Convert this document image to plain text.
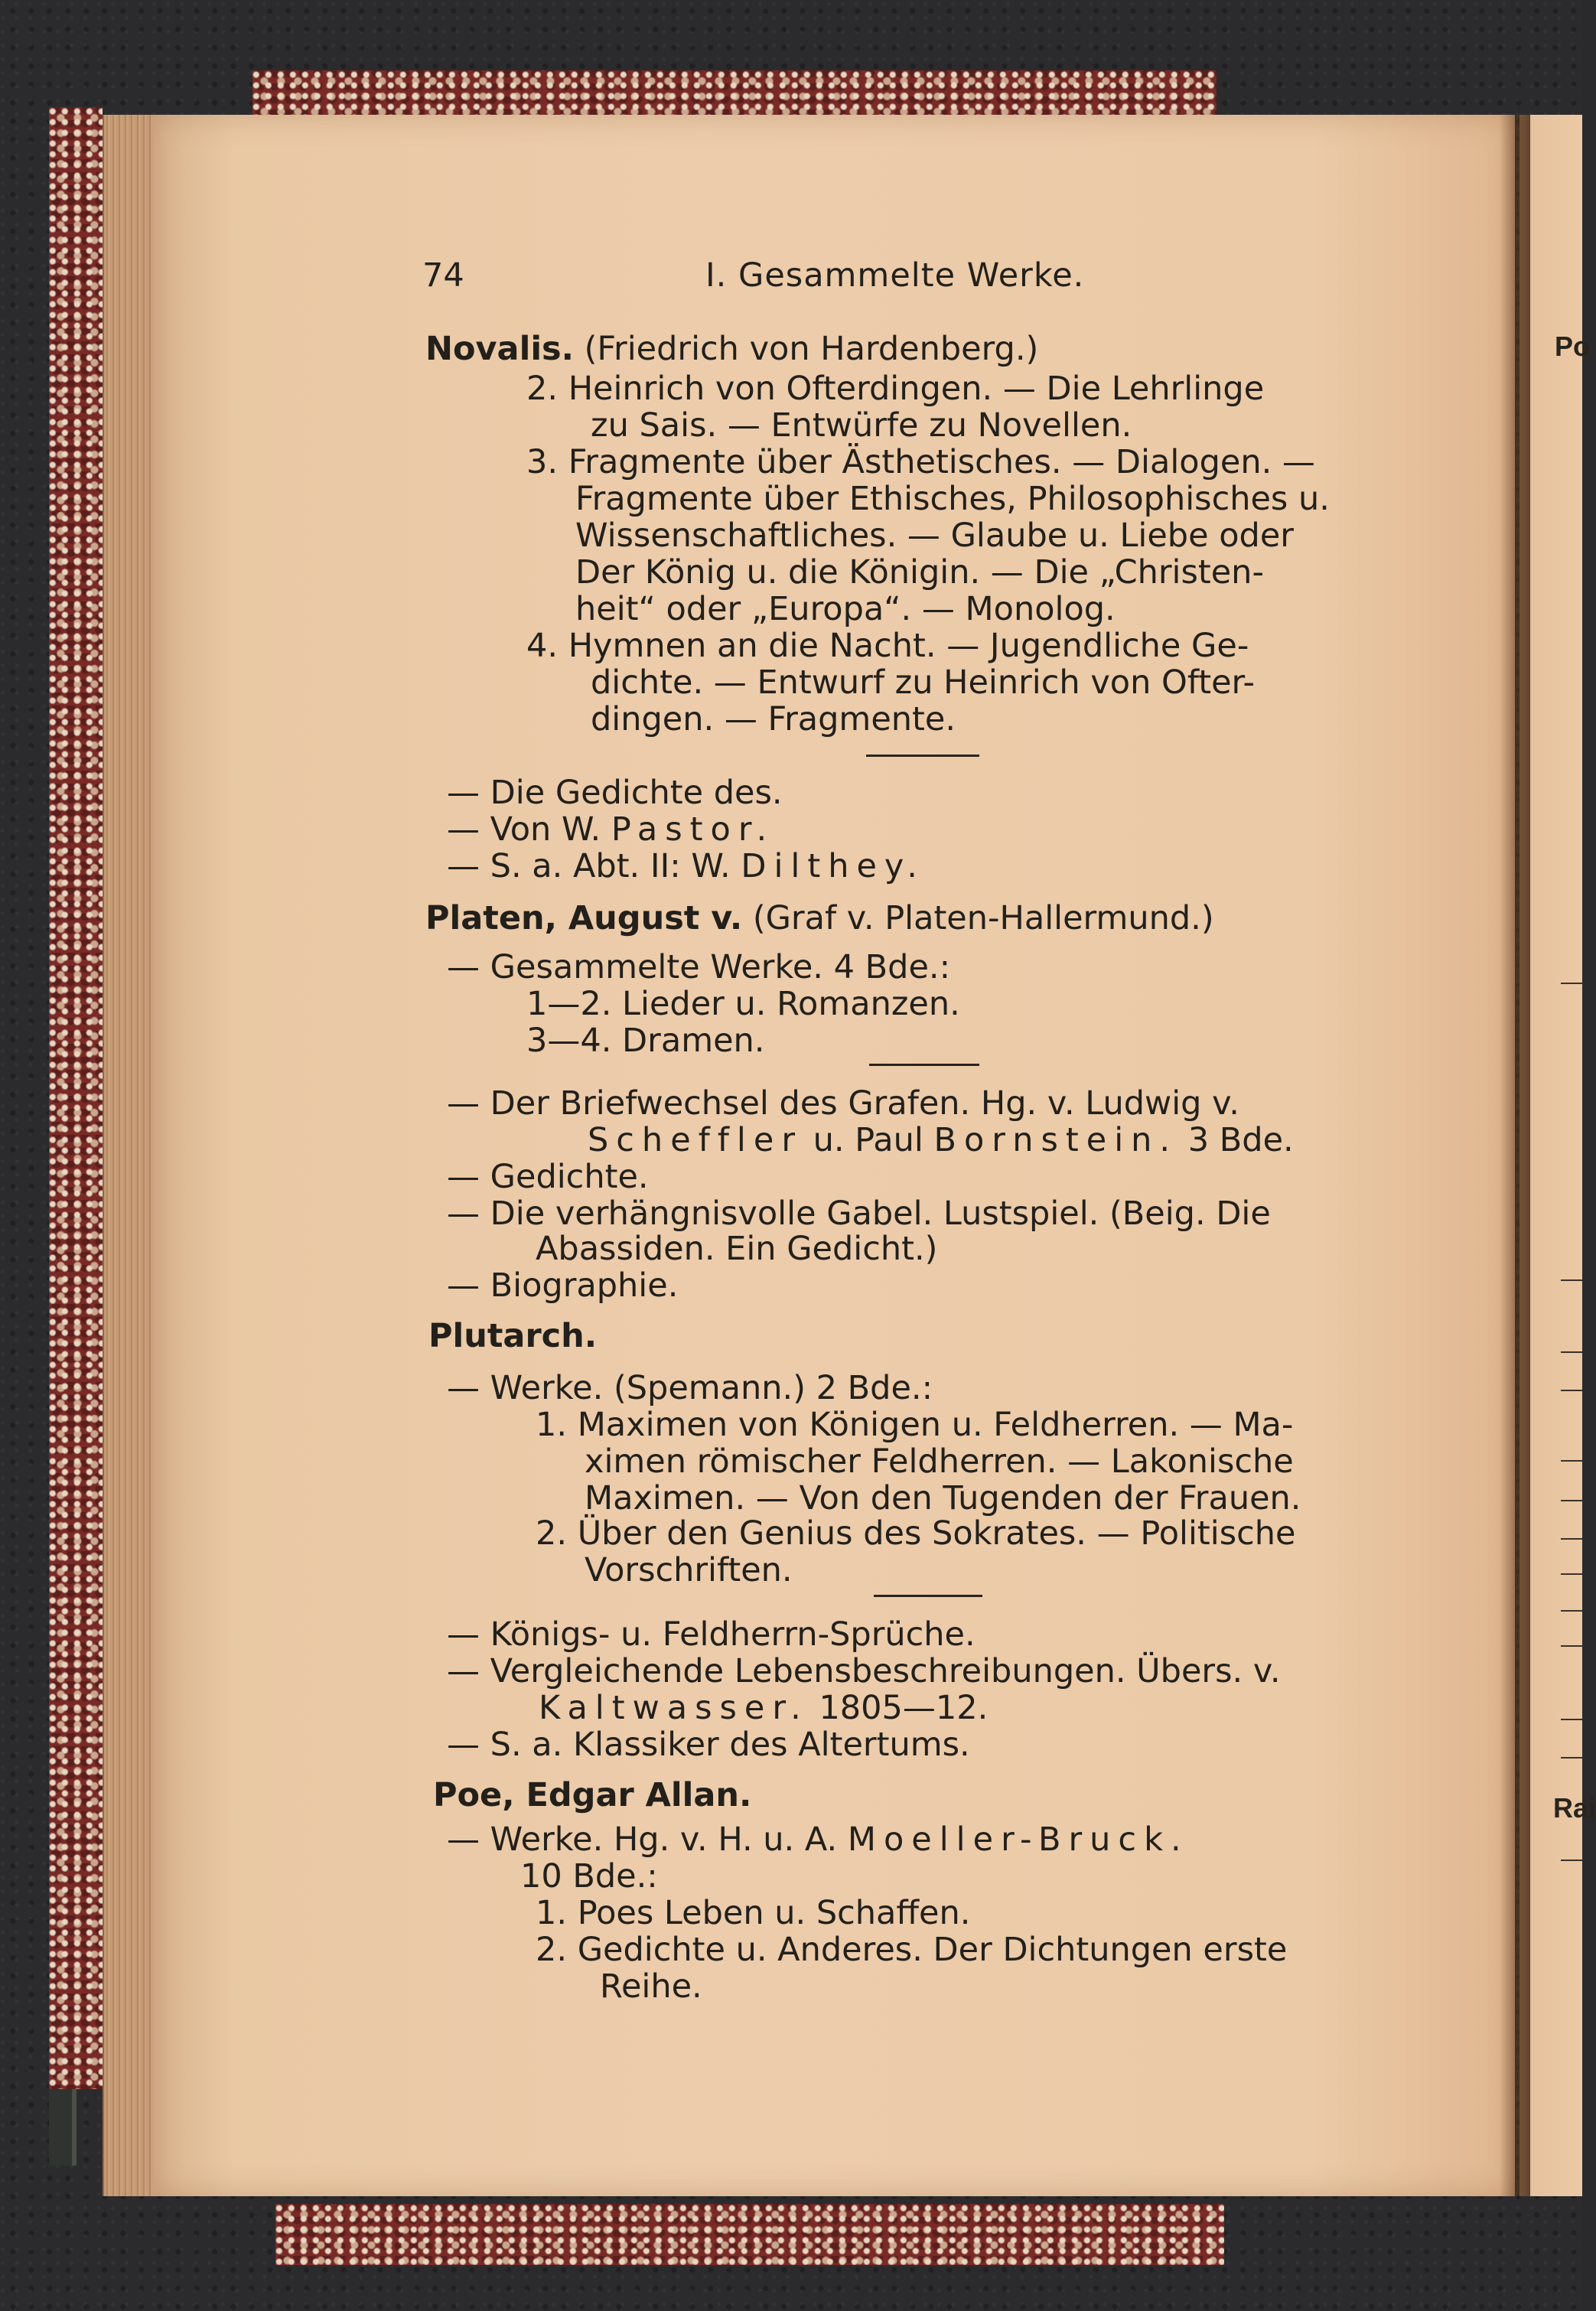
Po
Rai
74	I. Gesammelte Werke.
Novalis. (Friedrich von Hardenberg.)
2. Heinrich von Ofterdingen. — Die Lehrlinge
zu Sais. — Entwürfe zu Novellen.
3. Fragmente über Ästhetisches. — Dialogen. —
Fragmente über Ethisches, Philosophisches u.
Wissenschaftliches. — Glaube u. Liebe oder
Der König u. die Königin. — Die „Christen-
heit“ oder „Europa“. — Monolog.
4. Hymnen an die Nacht. — Jugendliche Ge-
dichte. — Entwurf zu Heinrich von Ofter-
dingen. — Fragmente.
— Die Gedichte des.
— Von W. Pastor.
— S. a. Abt. II: W. Dilthey.
Platen, August v. (Graf v. Platen-Hallermund.)
— Gesammelte Werke. 4 Bde.:
1—2. Lieder u. Romanzen.
3—4. Dramen.
— Der Briefwechsel des Grafen. Hg. v. Ludwig v.
Scheffler u. Paul Bornstein. 3 Bde.
— Gedichte.
— Die verhängnisvolle Gabel. Lustspiel. (Beig. Die
Abassiden. Ein Gedicht.)
— Biographie.
Plutarch.
— Werke. (Spemann.) 2 Bde.:
1. Maximen von Königen u. Feldherren. — Ma-
ximen römischer Feldherren. — Lakonische
Maximen. — Von den Tugenden der Frauen.
2. Über den Genius des Sokrates. — Politische
Vorschriften.
— Königs- u. Feldherrn-Sprüche.
— Vergleichende Lebensbeschreibungen. Übers. v.
Kaltwasser. 1805—12.
— S. a. Klassiker des Altertums.
Poe, Edgar Allan.
— Werke. Hg. v. H. u. A. Moeller-Bruck.
10 Bde.:
1. Poes Leben u. Schaffen.
2. Gedichte u. Anderes. Der Dichtungen erste
Reihe.
